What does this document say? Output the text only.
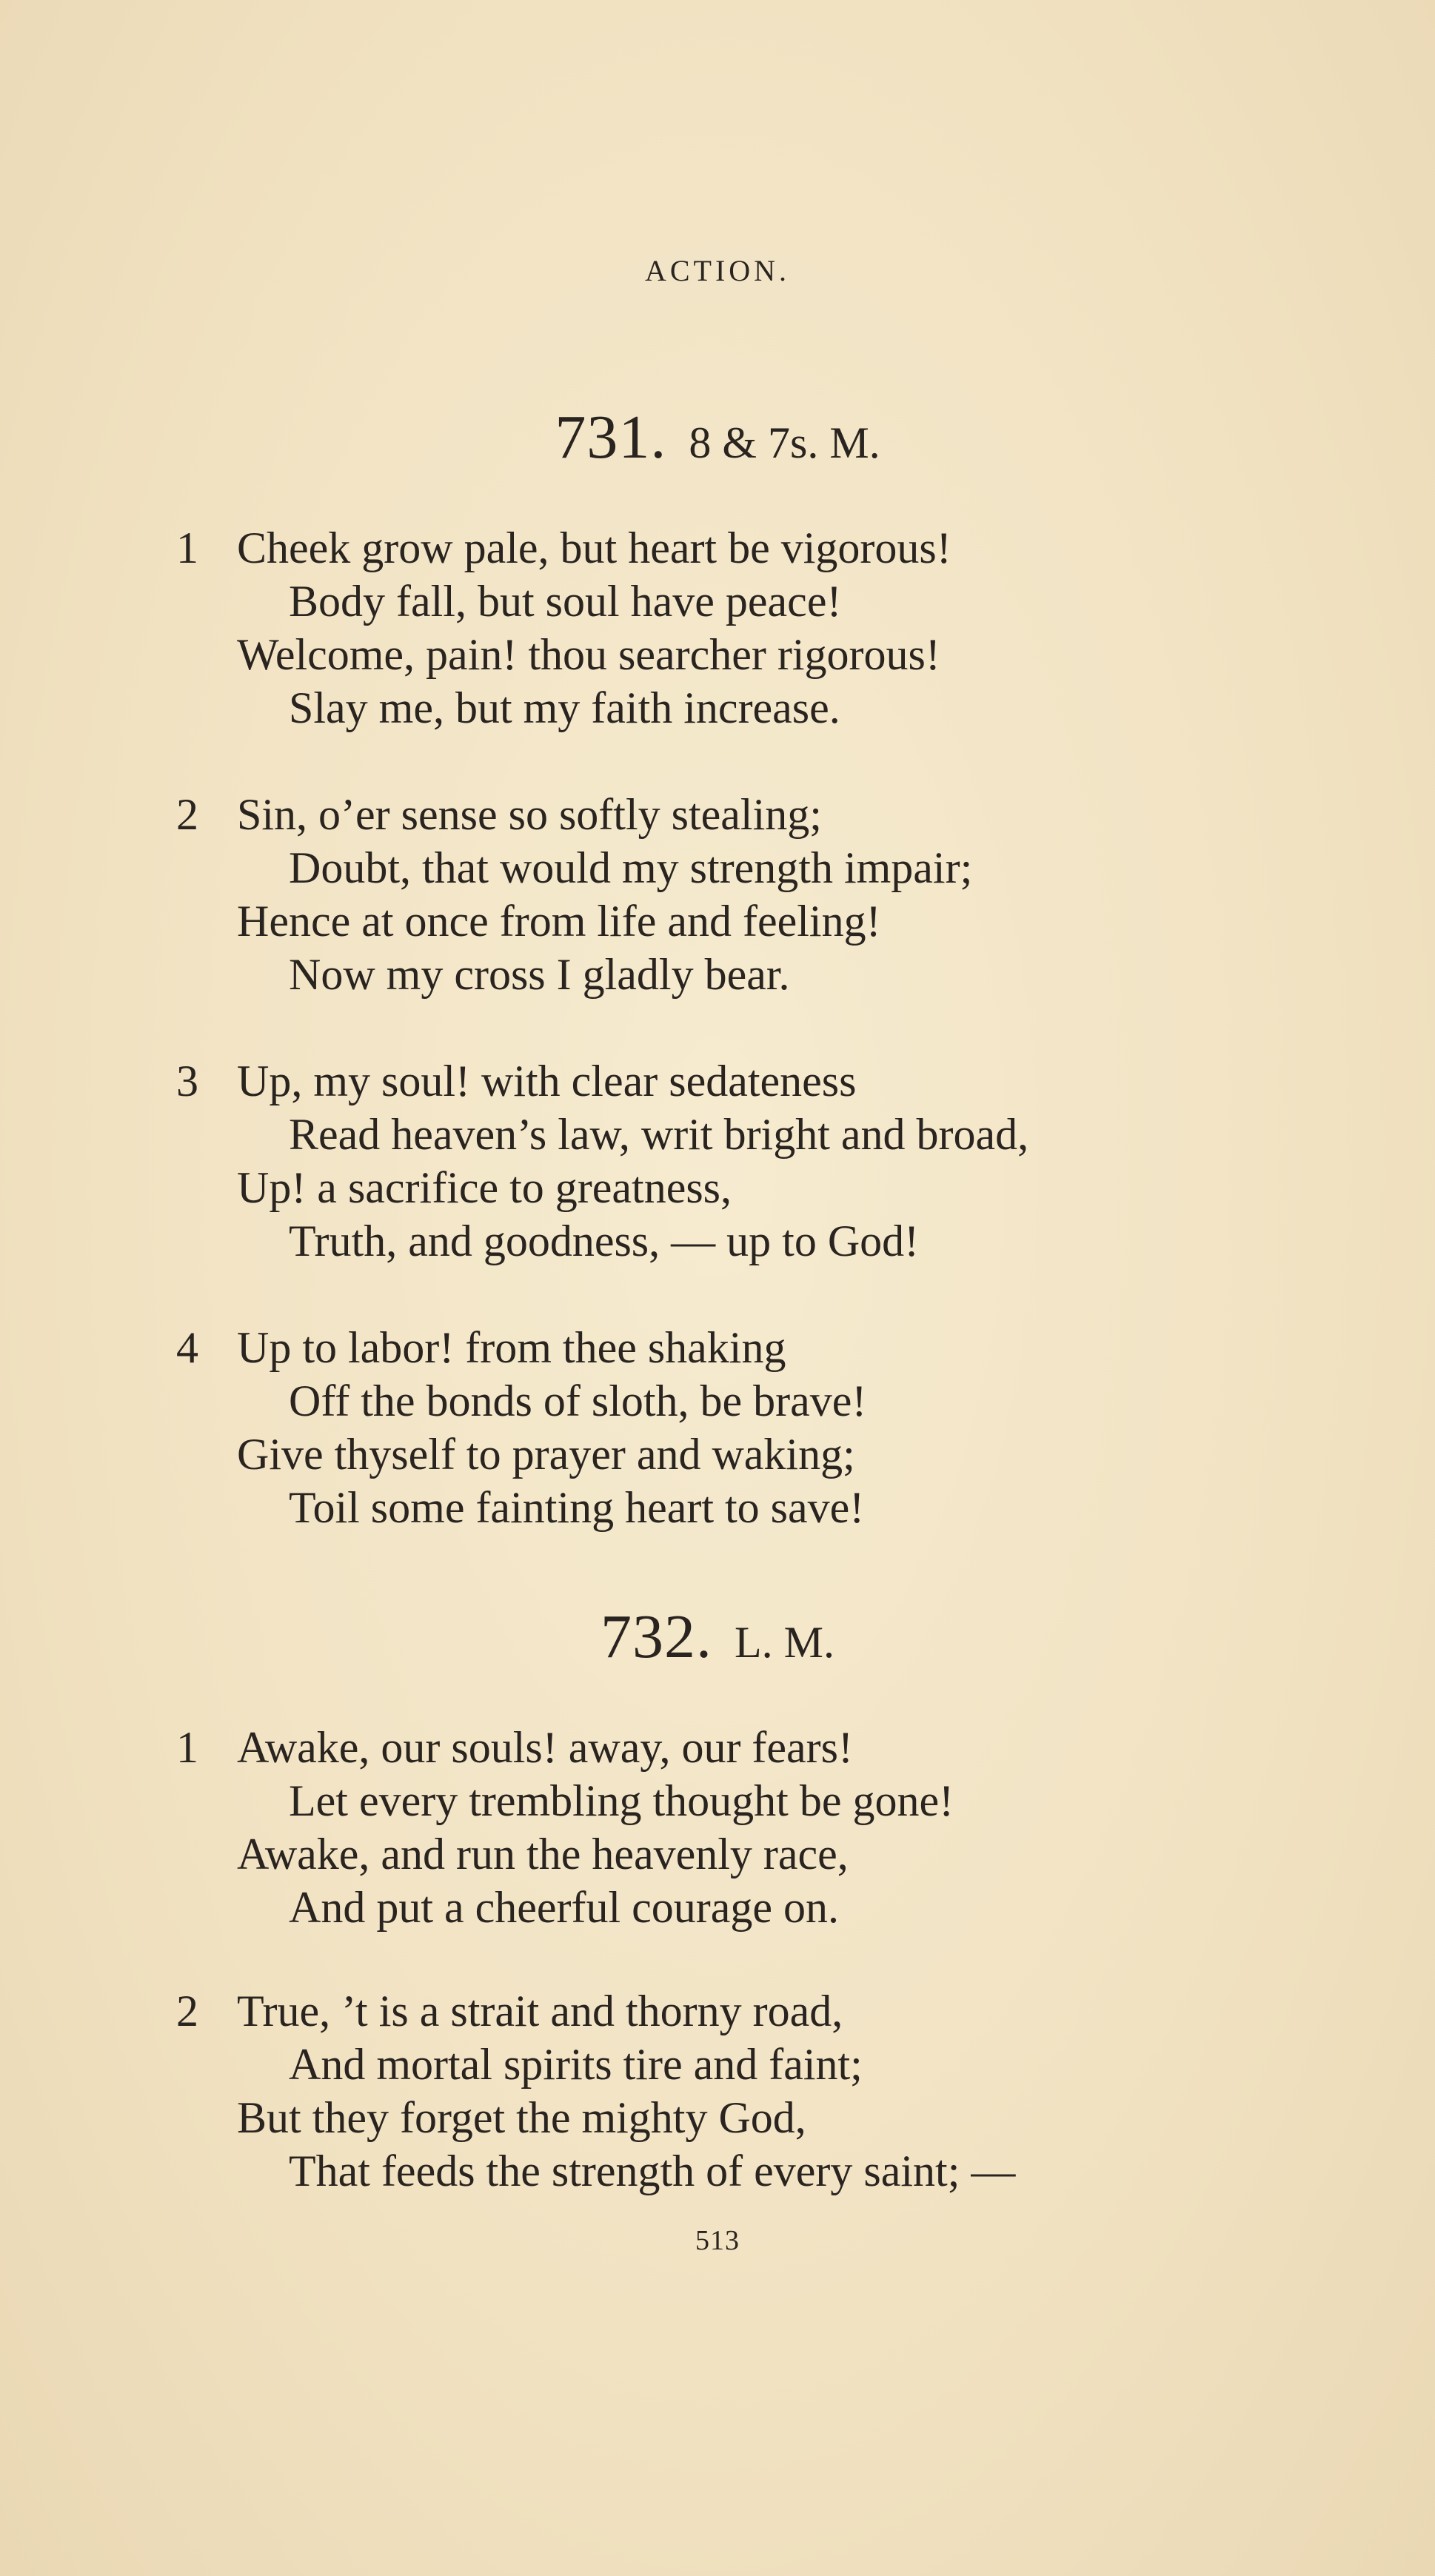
ACTION.
731. 8 & 7s. M.
1 Cheek grow pale, but heart be vigorous!
Body fall, but soul have peace!
Welcome, pain! thou searcher rigorous!
Slay me, but my faith increase.
2 Sin, o’er sense so softly stealing;
Doubt, that would my strength impair;
Hence at once from life and feeling!
Now my cross I gladly bear.
3 Up, my soul! with clear sedateness
Read heaven’s law, writ bright and broad,
Up! a sacrifice to greatness,
Truth, and goodness, — up to God!
4 Up to labor! from thee shaking
Off the bonds of sloth, be brave!
Give thyself to prayer and waking;
Toil some fainting heart to save!
732. L. M.
1 Awake, our souls! away, our fears!
Let every trembling thought be gone!
Awake, and run the heavenly race,
And put a cheerful courage on.
2 True, ’t is a strait and thorny road,
And mortal spirits tire and faint;
But they forget the mighty God,
That feeds the strength of every saint; —
513
